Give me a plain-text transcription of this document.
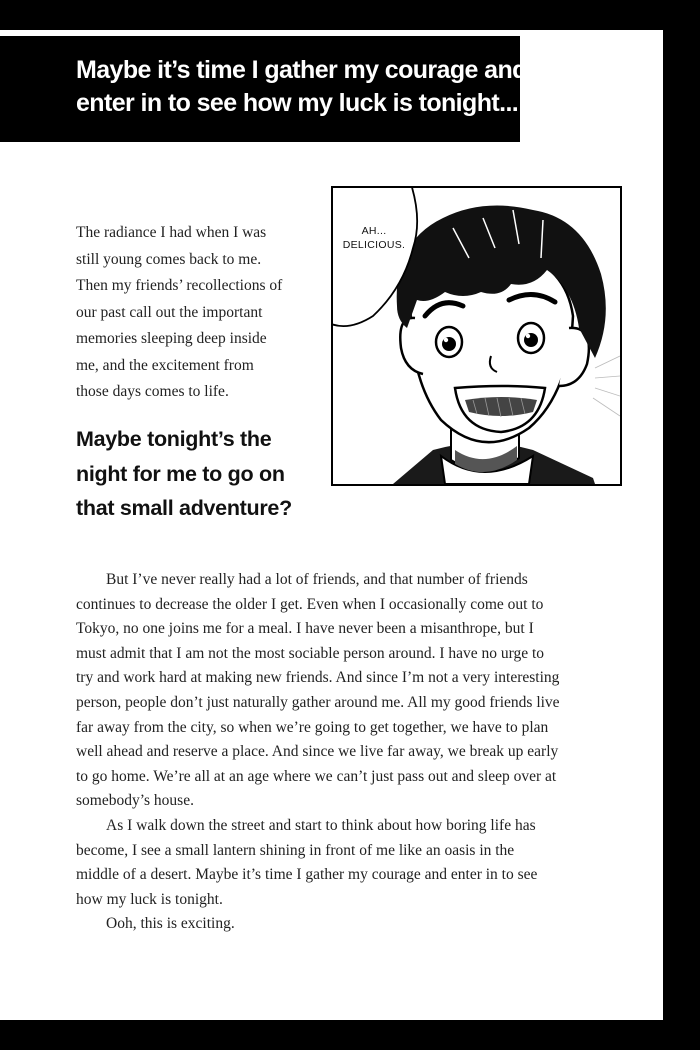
Maybe it’s time I gather my courage and
enter in to see how my luck is tonight...
The radiance I had when I was
still young comes back to me.
Then my friends’ recollections of
our past call out the important
memories sleeping deep inside
me, and the excitement from
those days comes to life.
Maybe tonight’s the
night for me to go on
that small adventure?
AH...
DELICIOUS.
But I’ve never really had a lot of friends, and that number of friends
continues to decrease the older I get. Even when I occasionally come out to
Tokyo, no one joins me for a meal. I have never been a misanthrope, but I
must admit that I am not the most sociable person around. I have no urge to
try and work hard at making new friends. And since I’m not a very interesting
person, people don’t just naturally gather around me. All my good friends live
far away from the city, so when we’re going to get together, we have to plan
well ahead and reserve a place. And since we live far away, we break up early
to go home. We’re all at an age where we can’t just pass out and sleep over at
somebody’s house.
As I walk down the street and start to think about how boring life has
become, I see a small lantern shining in front of me like an oasis in the
middle of a desert. Maybe it’s time I gather my courage and enter in to see
how my luck is tonight.
Ooh, this is exciting.
